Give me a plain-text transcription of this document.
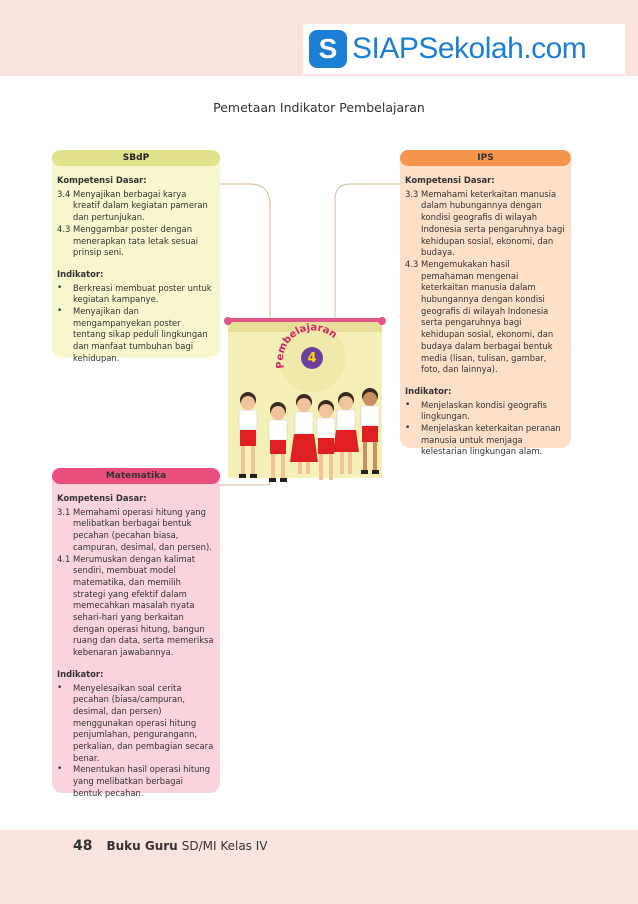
S SIAPSekolah.com
Pemetaan Indikator Pembelajaran
Pembelajaran
4
SBdP
Kompetensi Dasar:
3.4 Menyajikan berbagai karya kreatif dalam kegiatan pameran dan pertunjukan.
4.3 Menggambar poster dengan menerapkan tata letak sesuai prinsip seni.
Indikator:
•	Berkreasi membuat poster untuk kegiatan kampanye.
•	Menyajikan dan mengampanyekan poster tentang sikap peduli lingkungan dan manfaat tumbuhan bagi kehidupan.
IPS
Kompetensi Dasar:
3.3 Memahami keterkaitan manusia dalam hubungannya dengan kondisi geografis di wilayah Indonesia serta pengaruhnya bagi kehidupan sosial, ekonomi, dan budaya.
4.3 Mengemukakan hasil pemahaman mengenai keterkaitan manusia dalam hubungannya dengan kondisi geografis di wilayah Indonesia serta pengaruhnya bagi kehidupan sosial, ekonomi, dan budaya dalam berbagai bentuk media (lisan, tulisan, gambar, foto, dan lainnya).
Indikator:
•	Menjelaskan kondisi geografis lingkungan.
•	Menjelaskan keterkaitan peranan manusia untuk menjaga kelestarian lingkungan alam.
Matematika
Kompetensi Dasar:
3.1 Memahami operasi hitung yang melibatkan berbagai bentuk pecahan (pecahan biasa, campuran, desimal, dan persen).
4.1 Merumuskan dengan kalimat sendiri, membuat model matematika, dan memilih strategi yang efektif dalam memecahkan masalah nyata sehari-hari yang berkaitan dengan operasi hitung, bangun ruang dan data, serta memeriksa kebenaran jawabannya.
Indikator:
•	Menyelesaikan soal cerita pecahan (biasa/campuran, desimal, dan persen) menggunakan operasi hitung penjumlahan, pengurangann, perkalian, dan pembagian secara benar.
•	Menentukan hasil operasi hitung yang melibatkan berbagai bentuk pecahan.
48 Buku Guru SD/MI Kelas IV
